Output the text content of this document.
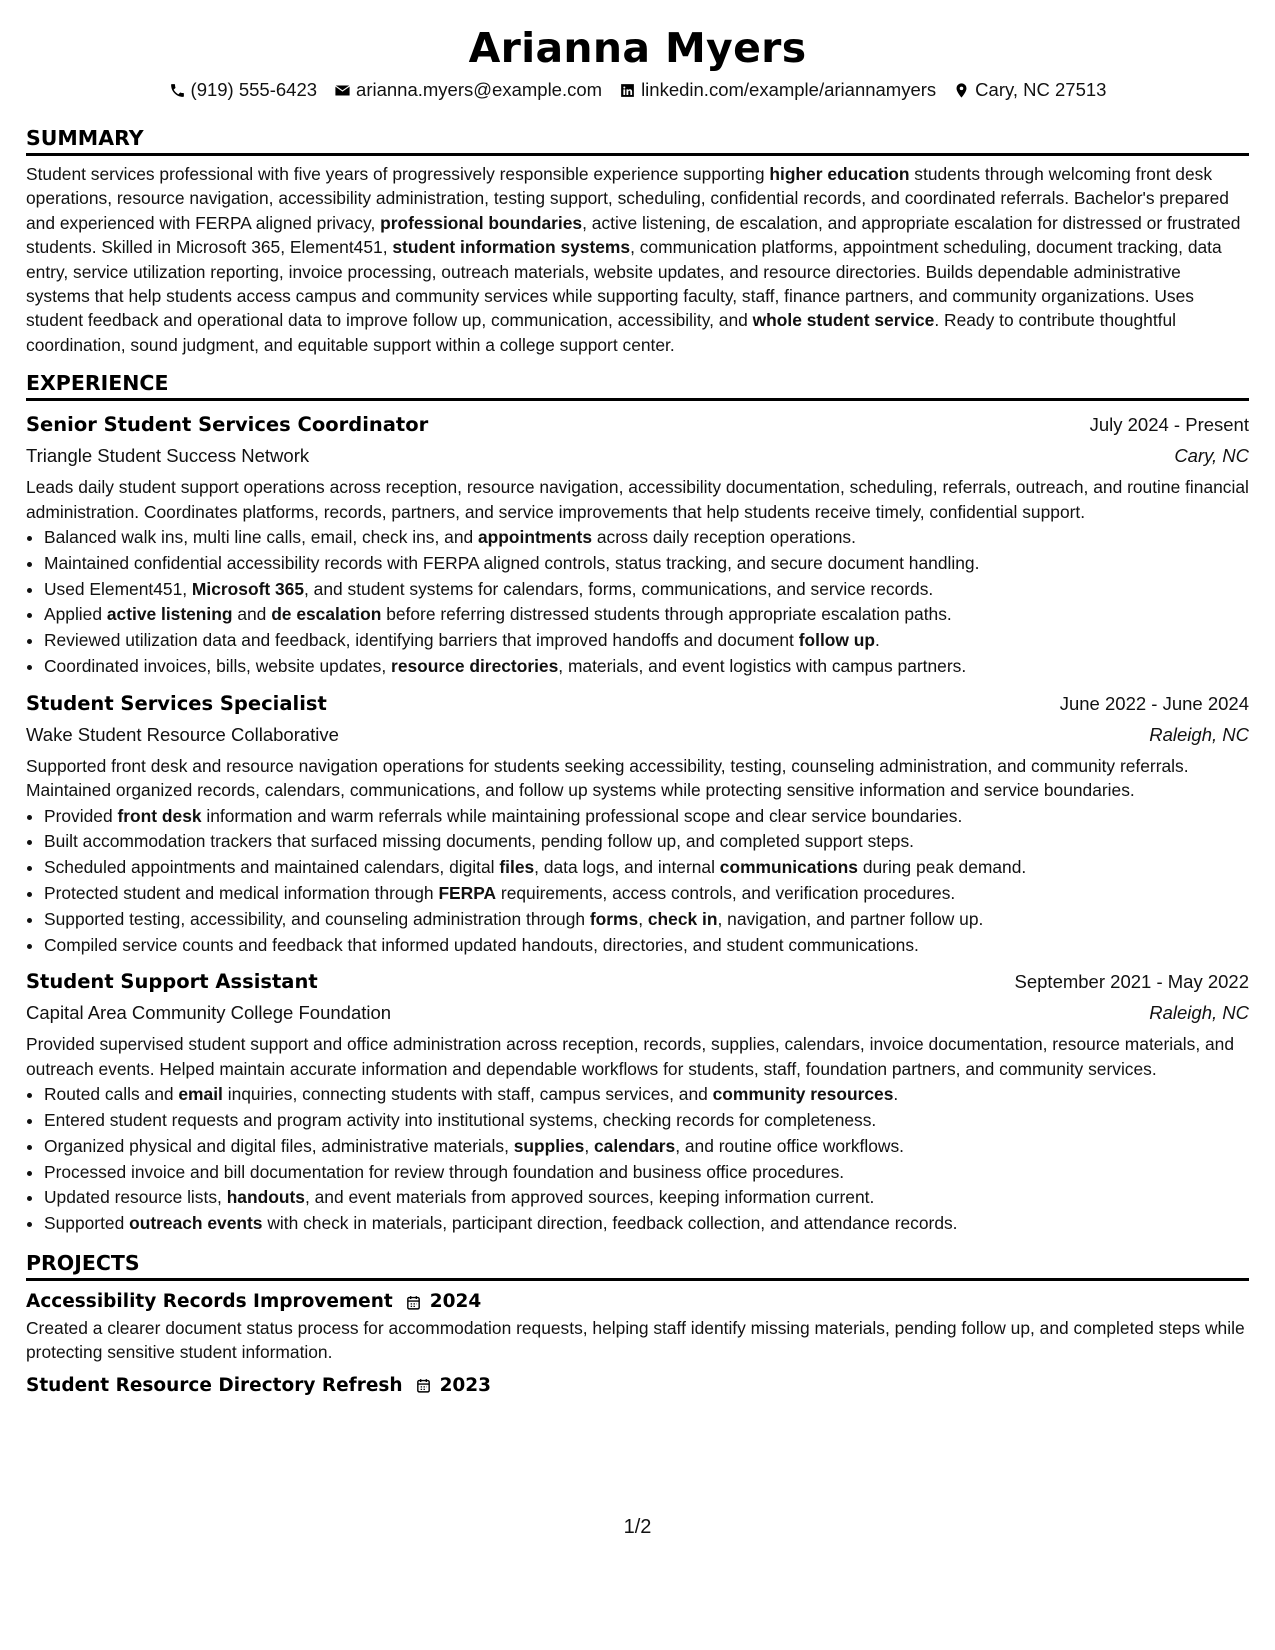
Arianna Myers
(919) 555-6423 arianna.myers@example.com linkedin.com/example/ariannamyers Cary, NC 27513
SUMMARY
Student services professional with five years of progressively responsible experience supporting higher education students through welcoming front desk operations, resource navigation, accessibility administration, testing support, scheduling, confidential records, and coordinated referrals. Bachelor's prepared and experienced with FERPA aligned privacy, professional boundaries, active listening, de escalation, and appropriate escalation for distressed or frustrated students. Skilled in Microsoft 365, Element451, student information systems, communication platforms, appointment scheduling, document tracking, data entry, service utilization reporting, invoice processing, outreach materials, website updates, and resource directories. Builds dependable administrative systems that help students access campus and community services while supporting faculty, staff, finance partners, and community organizations. Uses student feedback and operational data to improve follow up, communication, accessibility, and whole student service. Ready to contribute thoughtful coordination, sound judgment, and equitable support within a college support center.
EXPERIENCE
Senior Student Services Coordinator	July 2024 - Present
Triangle Student Success Network	Cary, NC
Leads daily student support operations across reception, resource navigation, accessibility documentation, scheduling, referrals, outreach, and routine financial administration. Coordinates platforms, records, partners, and service improvements that help students receive timely, confidential support.
• Balanced walk ins, multi line calls, email, check ins, and appointments across daily reception operations.
• Maintained confidential accessibility records with FERPA aligned controls, status tracking, and secure document handling.
• Used Element451, Microsoft 365, and student systems for calendars, forms, communications, and service records.
• Applied active listening and de escalation before referring distressed students through appropriate escalation paths.
• Reviewed utilization data and feedback, identifying barriers that improved handoffs and document follow up.
• Coordinated invoices, bills, website updates, resource directories, materials, and event logistics with campus partners.
Student Services Specialist	June 2022 - June 2024
Wake Student Resource Collaborative	Raleigh, NC
Supported front desk and resource navigation operations for students seeking accessibility, testing, counseling administration, and community referrals. Maintained organized records, calendars, communications, and follow up systems while protecting sensitive information and service boundaries.
• Provided front desk information and warm referrals while maintaining professional scope and clear service boundaries.
• Built accommodation trackers that surfaced missing documents, pending follow up, and completed support steps.
• Scheduled appointments and maintained calendars, digital files, data logs, and internal communications during peak demand.
• Protected student and medical information through FERPA requirements, access controls, and verification procedures.
• Supported testing, accessibility, and counseling administration through forms, check in, navigation, and partner follow up.
• Compiled service counts and feedback that informed updated handouts, directories, and student communications.
Student Support Assistant	September 2021 - May 2022
Capital Area Community College Foundation	Raleigh, NC
Provided supervised student support and office administration across reception, records, supplies, calendars, invoice documentation, resource materials, and outreach events. Helped maintain accurate information and dependable workflows for students, staff, foundation partners, and community services.
• Routed calls and email inquiries, connecting students with staff, campus services, and community resources.
• Entered student requests and program activity into institutional systems, checking records for completeness.
• Organized physical and digital files, administrative materials, supplies, calendars, and routine office workflows.
• Processed invoice and bill documentation for review through foundation and business office procedures.
• Updated resource lists, handouts, and event materials from approved sources, keeping information current.
• Supported outreach events with check in materials, participant direction, feedback collection, and attendance records.
PROJECTS
Accessibility Records Improvement 2024
Created a clearer document status process for accommodation requests, helping staff identify missing materials, pending follow up, and completed steps while protecting sensitive student information.
Student Resource Directory Refresh 2023
1/2
